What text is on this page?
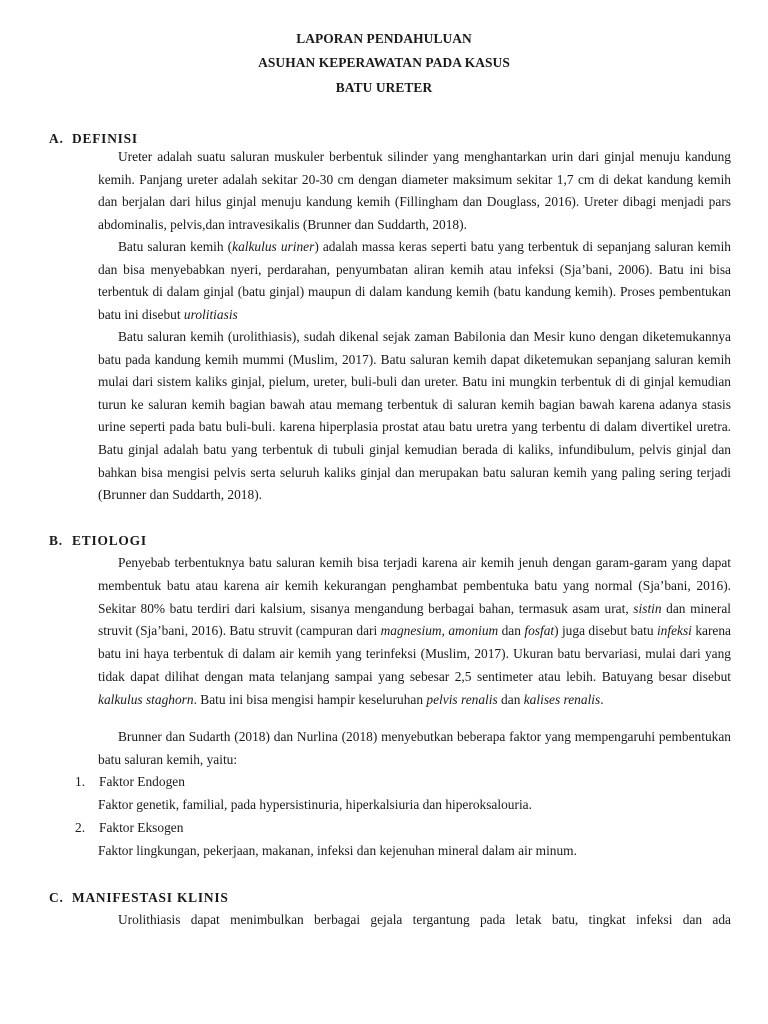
LAPORAN PENDAHULUAN
ASUHAN KEPERAWATAN PADA KASUS
BATU URETER
A. DEFINISI

Ureter adalah suatu saluran muskuler berbentuk silinder yang menghantarkan urin dari ginjal menuju kandung kemih. Panjang ureter adalah sekitar 20-30 cm dengan diameter maksimum sekitar 1,7 cm di dekat kandung kemih dan berjalan dari hilus ginjal menuju kandung kemih (Fillingham dan Douglass, 2016). Ureter dibagi menjadi pars abdominalis, pelvis,dan intravesikalis (Brunner dan Suddarth, 2018).

Batu saluran kemih (kalkulus uriner) adalah massa keras seperti batu yang terbentuk di sepanjang saluran kemih dan bisa menyebabkan nyeri, perdarahan, penyumbatan aliran kemih atau infeksi (Sja’bani, 2006). Batu ini bisa terbentuk di dalam ginjal (batu ginjal) maupun di dalam kandung kemih (batu kandung kemih). Proses pembentukan batu ini disebut urolitiasis

Batu saluran kemih (urolithiasis), sudah dikenal sejak zaman Babilonia dan Mesir kuno dengan diketemukannya batu pada kandung kemih mummi (Muslim, 2017). Batu saluran kemih dapat diketemukan sepanjang saluran kemih mulai dari sistem kaliks ginjal, pielum, ureter, buli-buli dan ureter. Batu ini mungkin terbentuk di di ginjal kemudian turun ke saluran kemih bagian bawah atau memang terbentuk di saluran kemih bagian bawah karena adanya stasis urine seperti pada batu buli-buli. karena hiperplasia prostat atau batu uretra yang terbentu di dalam divertikel uretra. Batu ginjal adalah batu yang terbentuk di tubuli ginjal kemudian berada di kaliks, infundibulum, pelvis ginjal dan bahkan bisa mengisi pelvis serta seluruh kaliks ginjal dan merupakan batu saluran kemih yang paling sering terjadi (Brunner dan Suddarth, 2018).

B. ETIOLOGI

Penyebab terbentuknya batu saluran kemih bisa terjadi karena air kemih jenuh dengan garam-garam yang dapat membentuk batu atau karena air kemih kekurangan penghambat pembentuka batu yang normal (Sja’bani, 2016). Sekitar 80% batu terdiri dari kalsium, sisanya mengandung berbagai bahan, termasuk asam urat, sistin dan mineral struvit (Sja’bani, 2016). Batu struvit (campuran dari magnesium, amonium dan fosfat) juga disebut batu infeksi karena batu ini haya terbentuk di dalam air kemih yang terinfeksi (Muslim, 2017). Ukuran batu bervariasi, mulai dari yang tidak dapat dilihat dengan mata telanjang sampai yang sebesar 2,5 sentimeter atau lebih. Batuyang besar disebut kalkulus staghorn. Batu ini bisa mengisi hampir keseluruhan pelvis renalis dan kalises renalis.

Brunner dan Sudarth (2018) dan Nurlina (2018) menyebutkan beberapa faktor yang mempengaruhi pembentukan batu saluran kemih, yaitu:

1. Faktor Endogen
Faktor genetik, familial, pada hypersistinuria, hiperkalsiuria dan hiperoksalouria.
2. Faktor Eksogen
Faktor lingkungan, pekerjaan, makanan, infeksi dan kejenuhan mineral dalam air minum.
C. MANIFESTASI KLINIS

Urolithiasis dapat menimbulkan berbagai gejala tergantung pada letak batu, tingkat infeksi dan ada
